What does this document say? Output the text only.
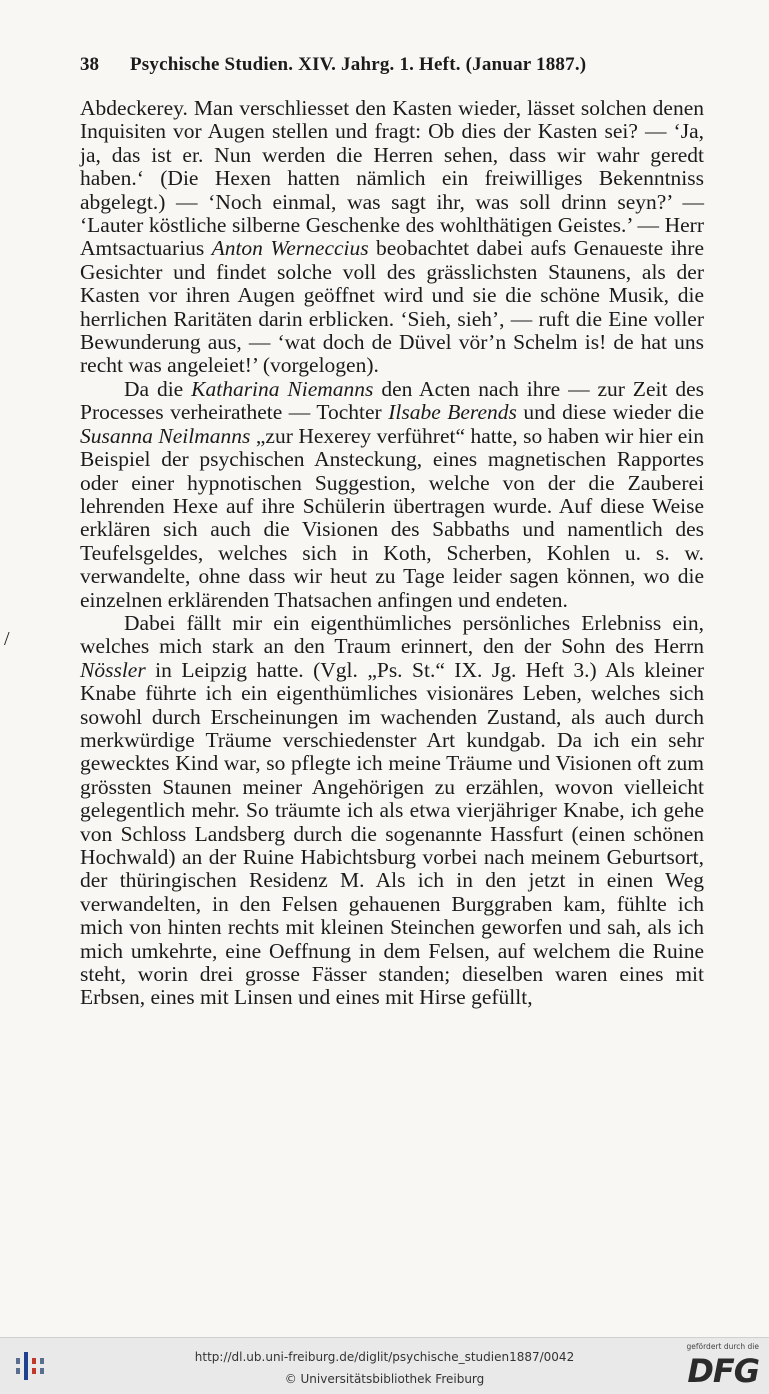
38 Psychische Studien. XIV. Jahrg. 1. Heft. (Januar 1887.)
/

Abdeckerey. Man verschliesset den Kasten wieder, lässet solchen denen Inquisiten vor Augen stellen und fragt: Ob dies der Kasten sei? — ‘Ja, ja, das ist er. Nun werden die Herren sehen, dass wir wahr geredt haben.‘ (Die Hexen hatten nämlich ein freiwilliges Bekenntniss abgelegt.) — ‘Noch einmal, was sagt ihr, was soll drinn seyn?’ — ‘Lauter köstliche silberne Geschenke des wohlthätigen Geistes.’ — Herr Amtsactuarius Anton Werneccius beobachtet dabei aufs Genaueste ihre Gesichter und findet solche voll des grässlichsten Staunens, als der Kasten vor ihren Augen geöffnet wird und sie die schöne Musik, die herrlichen Raritäten darin erblicken. ‘Sieh, sieh’, — ruft die Eine voller Bewunderung aus, — ‘wat doch de Düvel vör’n Schelm is! de hat uns recht was angeleiet!’ (vorgelogen).

Da die Katharina Niemanns den Acten nach ihre — zur Zeit des Processes verheirathete — Tochter Ilsabe Berends und diese wieder die Susanna Neilmanns „zur Hexerey verführet“ hatte, so haben wir hier ein Beispiel der psychischen Ansteckung, eines magnetischen Rapportes oder einer hypnotischen Suggestion, welche von der die Zauberei lehrenden Hexe auf ihre Schülerin übertragen wurde. Auf diese Weise erklären sich auch die Visionen des Sabbaths und namentlich des Teufelsgeldes, welches sich in Koth, Scherben, Kohlen u. s. w. verwandelte, ohne dass wir heut zu Tage leider sagen können, wo die einzelnen erklärenden Thatsachen anfingen und endeten.

Dabei fällt mir ein eigenthümliches persönliches Erlebniss ein, welches mich stark an den Traum erinnert, den der Sohn des Herrn Nössler in Leipzig hatte. (Vgl. „Ps. St.“ IX. Jg. Heft 3.) Als kleiner Knabe führte ich ein eigenthümliches visionäres Leben, welches sich sowohl durch Erscheinungen im wachenden Zustand, als auch durch merkwürdige Träume verschiedenster Art kundgab. Da ich ein sehr gewecktes Kind war, so pflegte ich meine Träume und Visionen oft zum grössten Staunen meiner Angehörigen zu erzählen, wovon vielleicht gelegentlich mehr. So träumte ich als etwa vierjähriger Knabe, ich gehe von Schloss Landsberg durch die sogenannte Hassfurt (einen schönen Hochwald) an der Ruine Habichtsburg vorbei nach meinem Geburtsort, der thüringischen Residenz M. Als ich in den jetzt in einen Weg verwandelten, in den Felsen gehauenen Burggraben kam, fühlte ich mich von hinten rechts mit kleinen Steinchen geworfen und sah, als ich mich umkehrte, eine Oeffnung in dem Felsen, auf welchem die Ruine steht, worin drei grosse Fässer standen; dieselben waren eines mit Erbsen, eines mit Linsen und eines mit Hirse gefüllt,

http://dl.ub.uni-freiburg.de/diglit/psychische_studien1887/0042
© Universitätsbibliothek Freiburg
gefördert durch die
DFG
